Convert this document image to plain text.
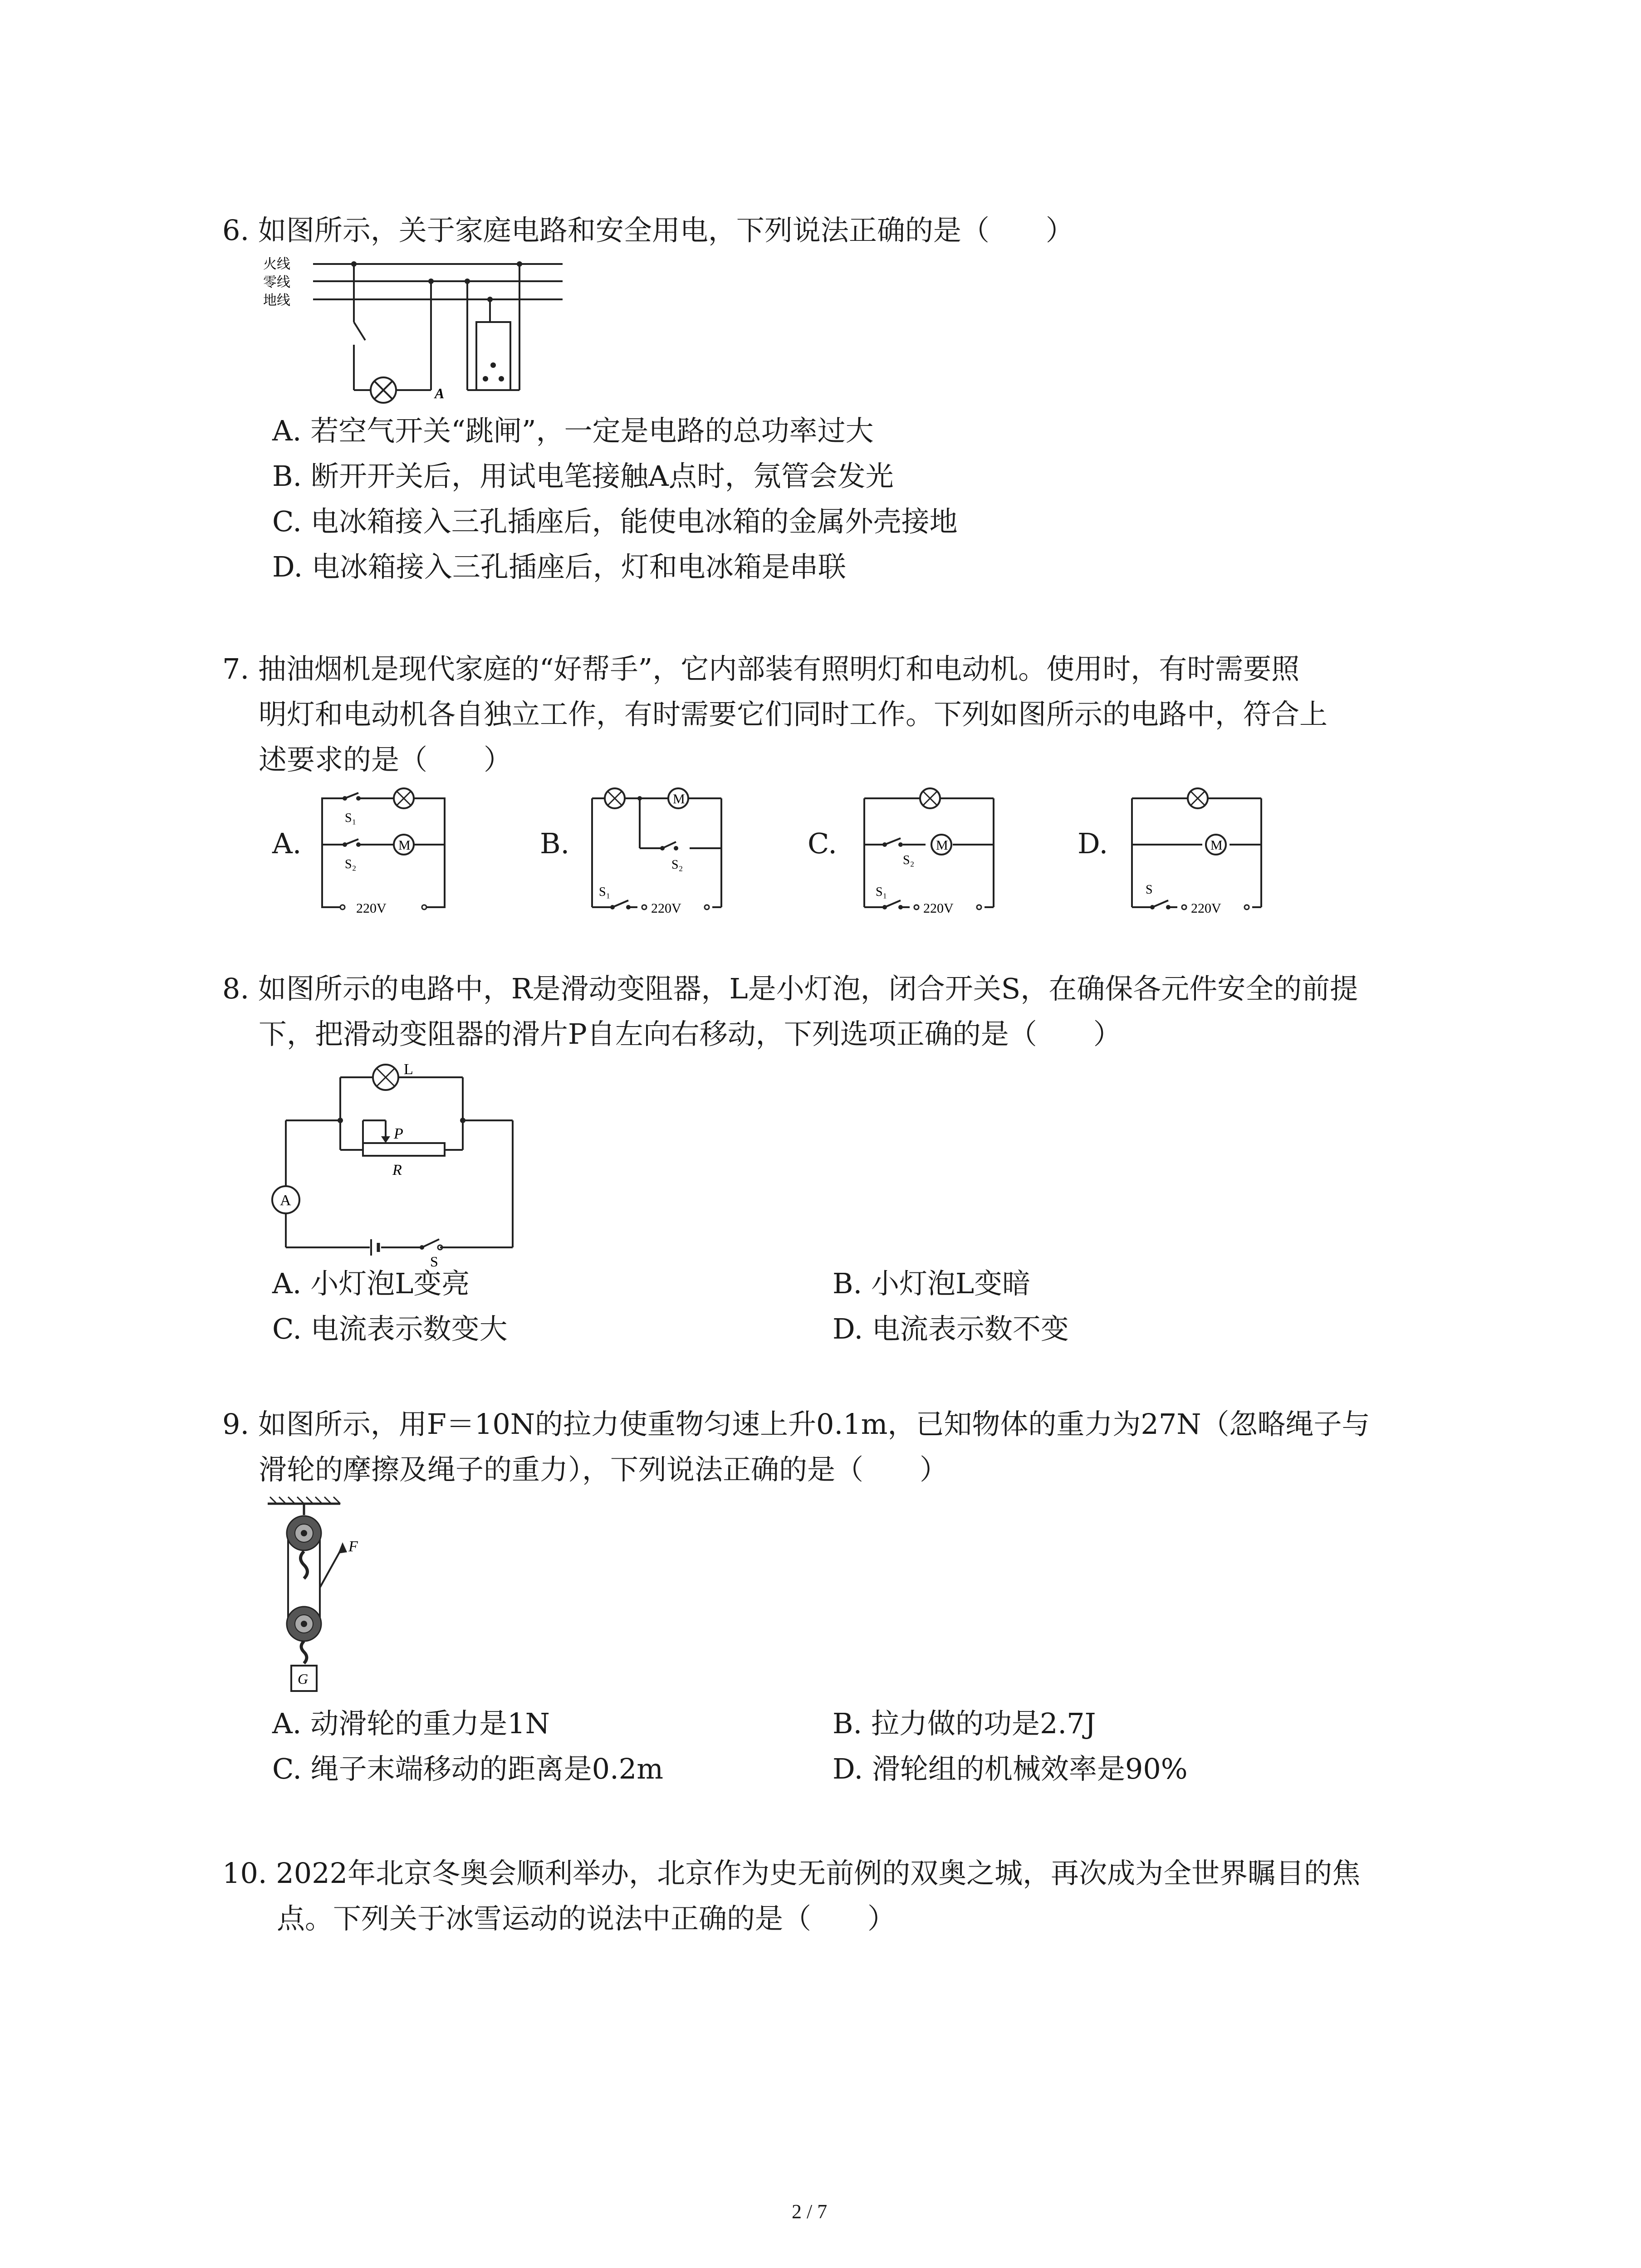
6. 如图所示，关于家庭电路和安全用电，下列说法正确的是（　　）
火线
零线
地线
A
A. 若空气开关“跳闸”，一定是电路的总功率过大
B. 断开开关后，用试电笔接触A点时，氖管会发光
C. 电冰箱接入三孔插座后，能使电冰箱的金属外壳接地
D. 电冰箱接入三孔插座后，灯和电冰箱是串联
7. 抽油烟机是现代家庭的“好帮手”，它内部装有照明灯和电动机。使用时，有时需要照
明灯和电动机各自独立工作，有时需要它们同时工作。下列如图所示的电路中，符合上
述要求的是（　　）
A.	B.	C.	D.
M
220V
S₁
S₂
M
220V
S₁
S₂
M
220V
S₁
S₂
M
220V
S
8. 如图所示的电路中，R是滑动变阻器，L是小灯泡，闭合开关S，在确保各元件安全的前提
下，把滑动变阻器的滑片P自左向右移动，下列选项正确的是（　　）
A
L
P
R
S
A. 小灯泡L变亮	B. 小灯泡L变暗
C. 电流表示数变大	D. 电流表示数不变
9. 如图所示，用F＝10N的拉力使重物匀速上升0.1m，已知物体的重力为27N（忽略绳子与
滑轮的摩擦及绳子的重力），下列说法正确的是（　　）
F
G
A. 动滑轮的重力是1N	B. 拉力做的功是2.7J
C. 绳子末端移动的距离是0.2m	D. 滑轮组的机械效率是90%
10. 2022年北京冬奥会顺利举办，北京作为史无前例的双奥之城，再次成为全世界瞩目的焦
点。下列关于冰雪运动的说法中正确的是（　　）
2 / 7
